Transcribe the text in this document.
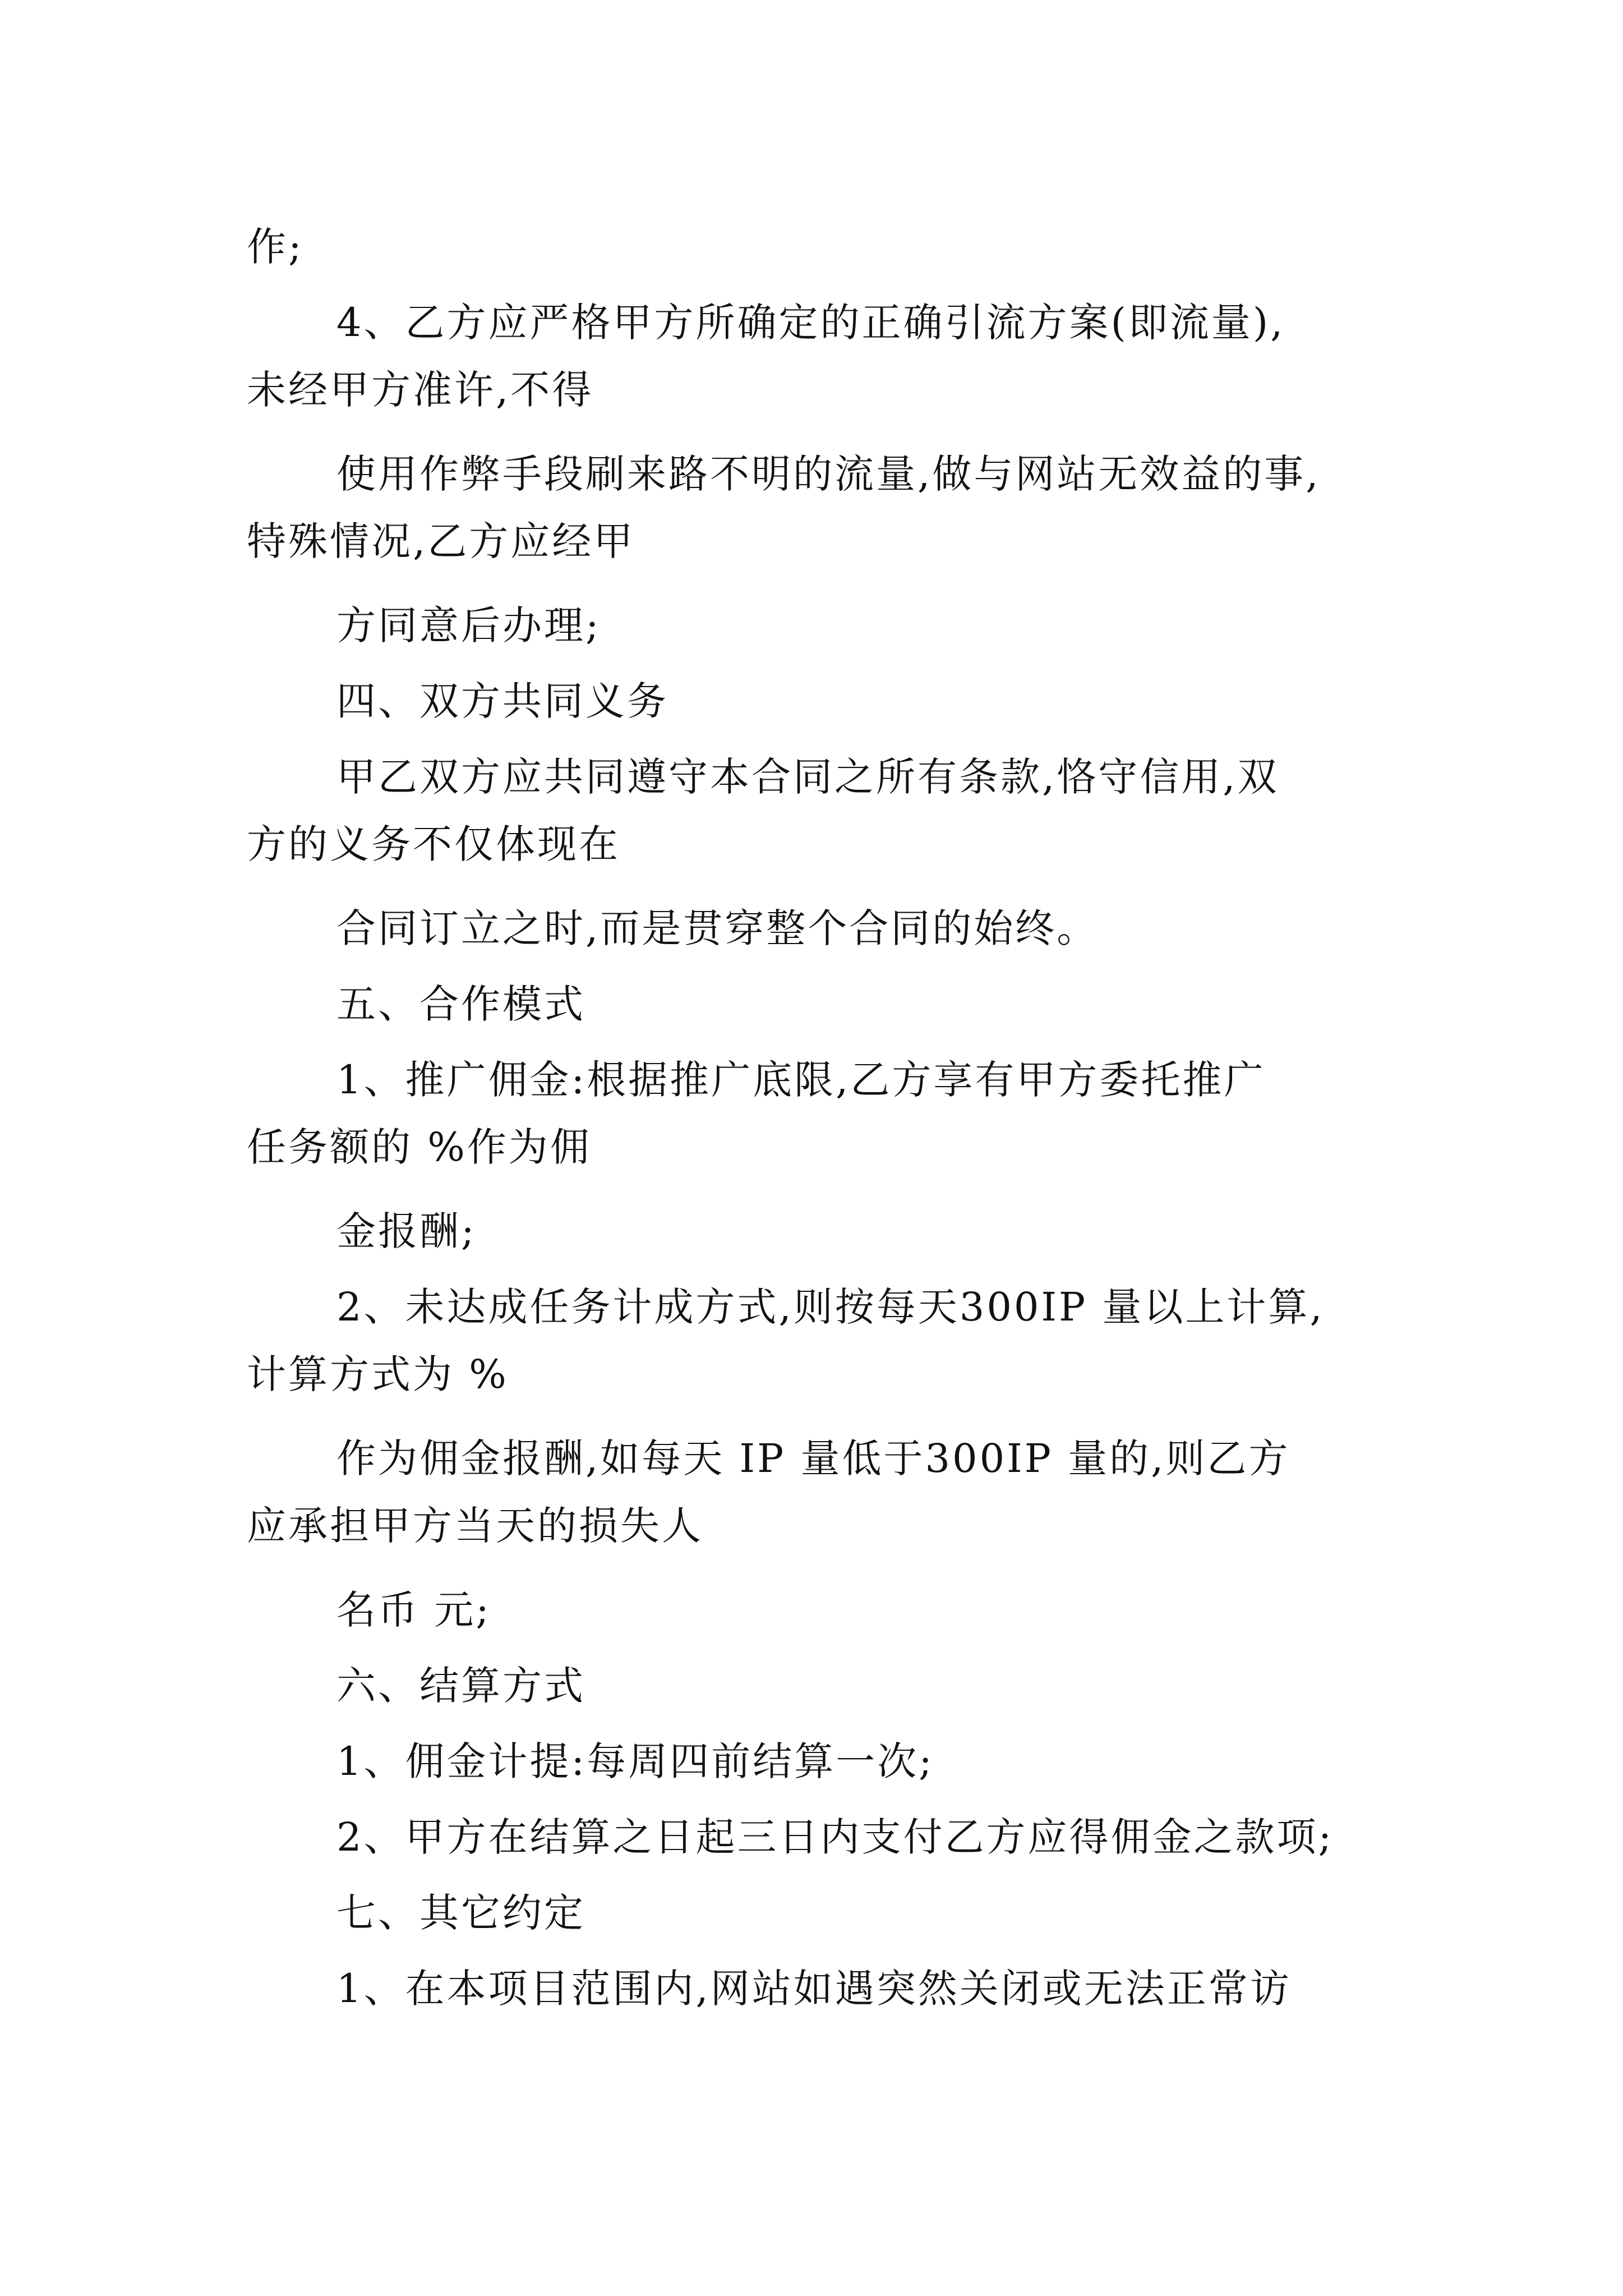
作;
4、乙方应严格甲方所确定的正确引流方案(即流量),
未经甲方准许,不得
使用作弊手段刷来路不明的流量,做与网站无效益的事,
特殊情况,乙方应经甲
方同意后办理;
四、双方共同义务
甲乙双方应共同遵守本合同之所有条款,恪守信用,双
方的义务不仅体现在
合同订立之时,而是贯穿整个合同的始终。
五、合作模式
1、推广佣金:根据推广底限,乙方享有甲方委托推广
任务额的 %作为佣
金报酬;
2、未达成任务计成方式,则按每天300IP 量以上计算,
计算方式为 %
作为佣金报酬,如每天 IP 量低于300IP 量的,则乙方
应承担甲方当天的损失人
名币 元;
六、结算方式
1、佣金计提:每周四前结算一次;
2、甲方在结算之日起三日内支付乙方应得佣金之款项;
七、其它约定
1、在本项目范围内,网站如遇突然关闭或无法正常访
